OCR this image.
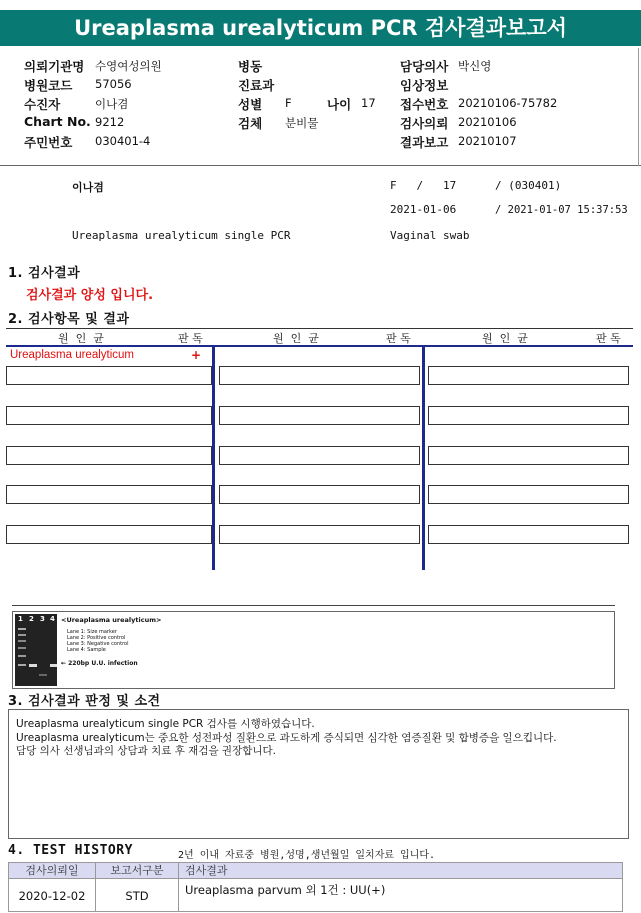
Ureaplasma urealyticum PCR 검사결과보고서
의뢰기관명 수영여성의원
병원코드 57056
수진자	이나겸
Chart No. 9212
주민번호 030401-4
병동
진료과
성별 F	나이 17
검체 분비물
담당의사 박신영
임상정보
접수번호 20210106-75782
검사의뢰 20210106
결과보고 20210107
이나겸	F   /   17	/ (030401)
2021-01-06	/ 2021-01-07 15:37:53
Ureaplasma urealyticum single PCR	Vaginal swab
1. 검사결과
검사결과 양성 입니다.
2. 검사항목 및 결과
원  인  균	판 독	원  인  균	판 독	원  인  균	판 독
Ureaplasma urealyticum	+
1 2 3 4 <Ureaplasma urealyticum>
Lane 1: Size marker
Lane 2: Positive control
Lane 3: Negative control
Lane 4: Sample
← 220bp U.U. infection
3. 검사결과 판정 및 소견
Ureaplasma urealyticum single PCR 검사를 시행하였습니다.
Ureaplasma urealyticum는 중요한 성전파성 질환으로 과도하게 증식되면 심각한 염증질환 및 합병증을 일으킵니다.
담당 의사 선생님과의 상담과 치료 후 재검을 권장합니다.
4. TEST HISTORY	2년 이내 자료중 병원,성명,생년월일 일치자료 입니다.
검사의뢰일	보고서구분	검사결과
2020-12-02	STD	Ureaplasma parvum 외 1건 : UU(+)
